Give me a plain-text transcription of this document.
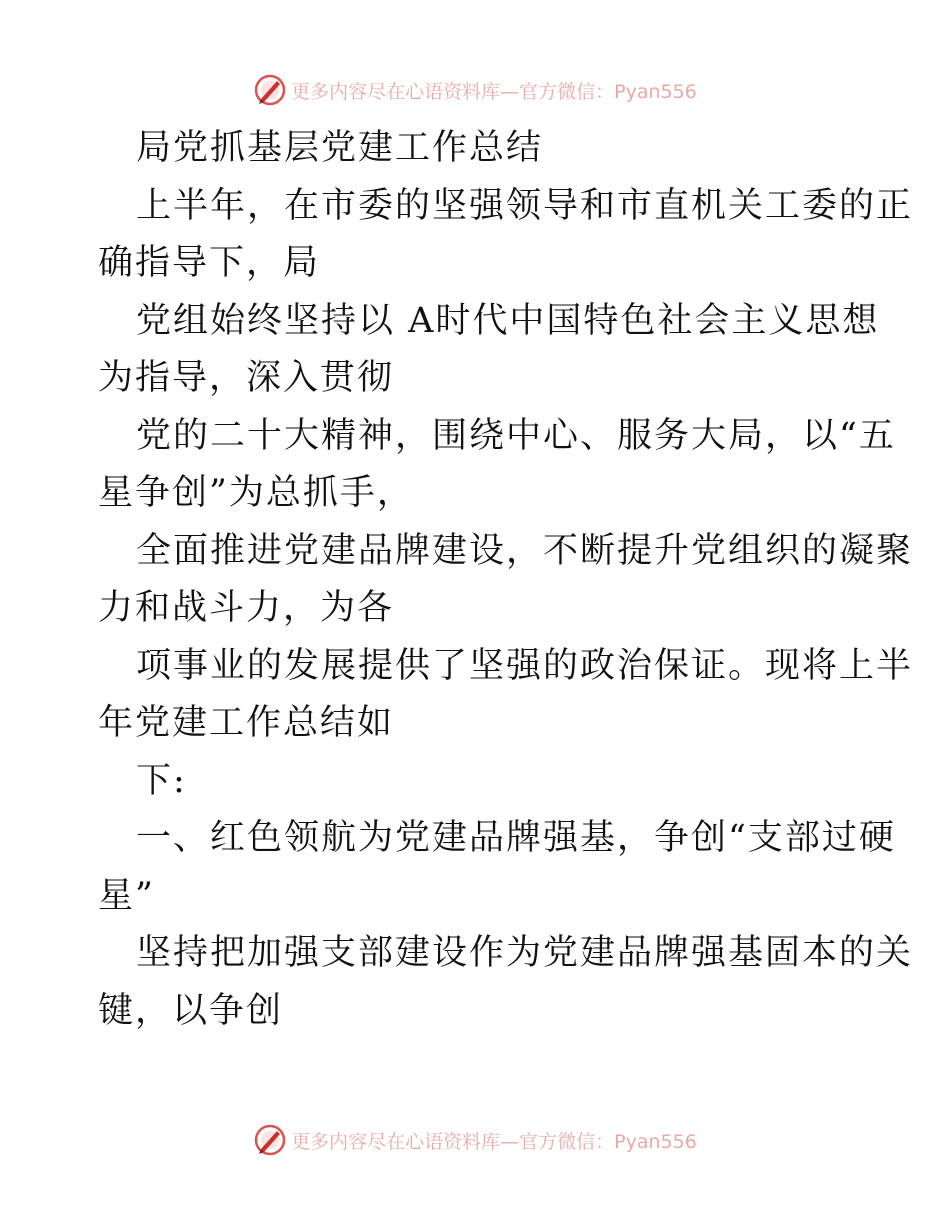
更多内容尽在心语资料库—官方微信：Pyan556
局党抓基层党建工作总结
上半年，在市委的坚强领导和市直机关工委的正
确指导下，局
党组始终坚持以 A时代中国特色社会主义思想
为指导，深入贯彻
党的二十大精神，围绕中心、服务大局，以“五
星争创”为总抓手，
全面推进党建品牌建设，不断提升党组织的凝聚
力和战斗力，为各
项事业的发展提供了坚强的政治保证。现将上半
年党建工作总结如
下:
一、红色领航为党建品牌强基，争创“支部过硬
星”
坚持把加强支部建设作为党建品牌强基固本的关
键，以争创
更多内容尽在心语资料库—官方微信：Pyan556
